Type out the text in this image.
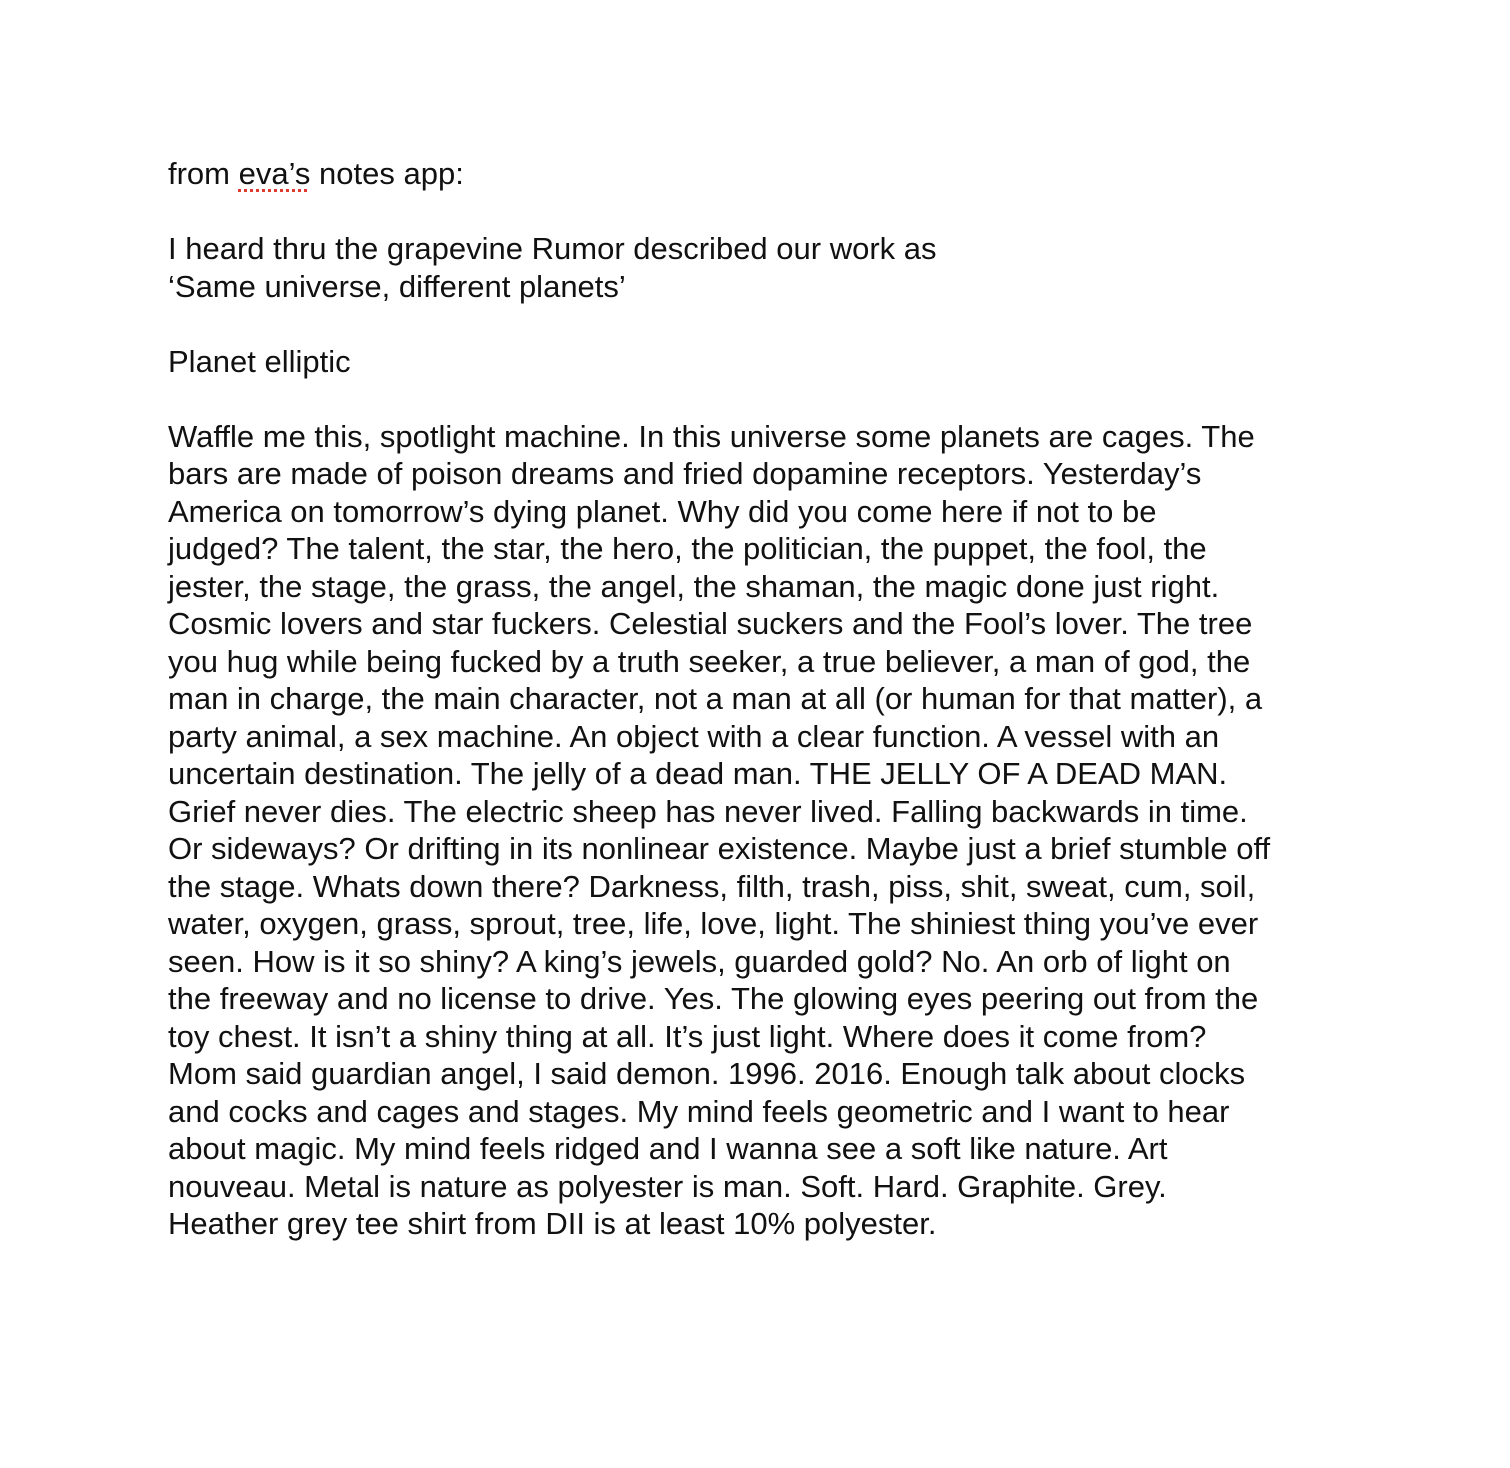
from eva’s notes app:
I heard thru the grapevine Rumor described our work as
‘Same universe, different planets’
Planet elliptic
Waffle me this, spotlight machine. In this universe some planets are cages. The
bars are made of poison dreams and fried dopamine receptors. Yesterday’s
America on tomorrow’s dying planet. Why did you come here if not to be
judged? The talent, the star, the hero, the politician, the puppet, the fool, the
jester, the stage, the grass, the angel, the shaman, the magic done just right.
Cosmic lovers and star fuckers. Celestial suckers and the Fool’s lover. The tree
you hug while being fucked by a truth seeker, a true believer, a man of god, the
man in charge, the main character, not a man at all (or human for that matter), a
party animal, a sex machine. An object with a clear function. A vessel with an
uncertain destination. The jelly of a dead man. THE JELLY OF A DEAD MAN.
Grief never dies. The electric sheep has never lived. Falling backwards in time.
Or sideways? Or drifting in its nonlinear existence. Maybe just a brief stumble off
the stage. Whats down there? Darkness, filth, trash, piss, shit, sweat, cum, soil,
water, oxygen, grass, sprout, tree, life, love, light. The shiniest thing you’ve ever
seen. How is it so shiny? A king’s jewels, guarded gold? No. An orb of light on
the freeway and no license to drive. Yes. The glowing eyes peering out from the
toy chest. It isn’t a shiny thing at all. It’s just light. Where does it come from?
Mom said guardian angel, I said demon. 1996. 2016. Enough talk about clocks
and cocks and cages and stages. My mind feels geometric and I want to hear
about magic. My mind feels ridged and I wanna see a soft like nature. Art
nouveau. Metal is nature as polyester is man. Soft. Hard. Graphite. Grey.
Heather grey tee shirt from DII is at least 10% polyester.
